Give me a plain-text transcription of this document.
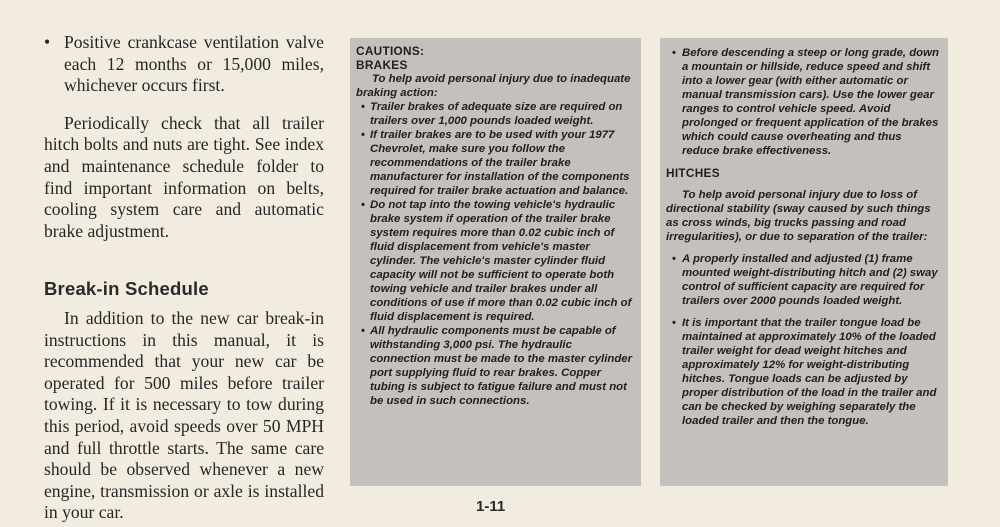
• Positive crankcase ventilation valve each 12 months or 15,000 miles, whichever occurs first.

Periodically check that all trailer hitch bolts and nuts are tight. See index and maintenance schedule folder to find important information on belts, cooling system care and automatic brake adjustment.

Break-in Schedule

In addition to the new car break-in instructions in this manual, it is recommended that your new car be operated for 500 miles before trailer towing. If it is necessary to tow during this period, avoid speeds over 50 MPH and full throttle starts. The same care should be observed whenever a new engine, transmission or axle is installed in your car.

CAUTIONS:
BRAKES
To help avoid personal injury due to inadequate braking action:
• Trailer brakes of adequate size are required on trailers over 1,000 pounds loaded weight.
• If trailer brakes are to be used with your 1977 Chevrolet, make sure you follow the recommendations of the trailer brake manufacturer for installation of the components required for trailer brake actuation and balance.
• Do not tap into the towing vehicle's hydraulic brake system if operation of the trailer brake system requires more than 0.02 cubic inch of fluid displacement from vehicle's master cylinder. The vehicle's master cylinder fluid capacity will not be sufficient to operate both towing vehicle and trailer brakes under all conditions of use if more than 0.02 cubic inch of fluid displacement is required.
• All hydraulic components must be capable of withstanding 3,000 psi. The hydraulic connection must be made to the master cylinder port supplying fluid to rear brakes. Copper tubing is subject to fatigue failure and must not be used in such connections.
• Before descending a steep or long grade, down a mountain or hillside, reduce speed and shift into a lower gear (with either automatic or manual transmission cars). Use the lower gear ranges to control vehicle speed. Avoid prolonged or frequent application of the brakes which could cause overheating and thus reduce brake effectiveness.
HITCHES
To help avoid personal injury due to loss of directional stability (sway caused by such things as cross winds, big trucks passing and road irregularities), or due to separation of the trailer:
• A properly installed and adjusted (1) frame mounted weight-distributing hitch and (2) sway control of sufficient capacity are required for trailers over 2000 pounds loaded weight.
• It is important that the trailer tongue load be maintained at approximately 10% of the loaded trailer weight for dead weight hitches and approximately 12% for weight-distributing hitches. Tongue loads can be adjusted by proper distribution of the load in the trailer and can be checked by weighing separately the loaded trailer and then the tongue.
1-11
